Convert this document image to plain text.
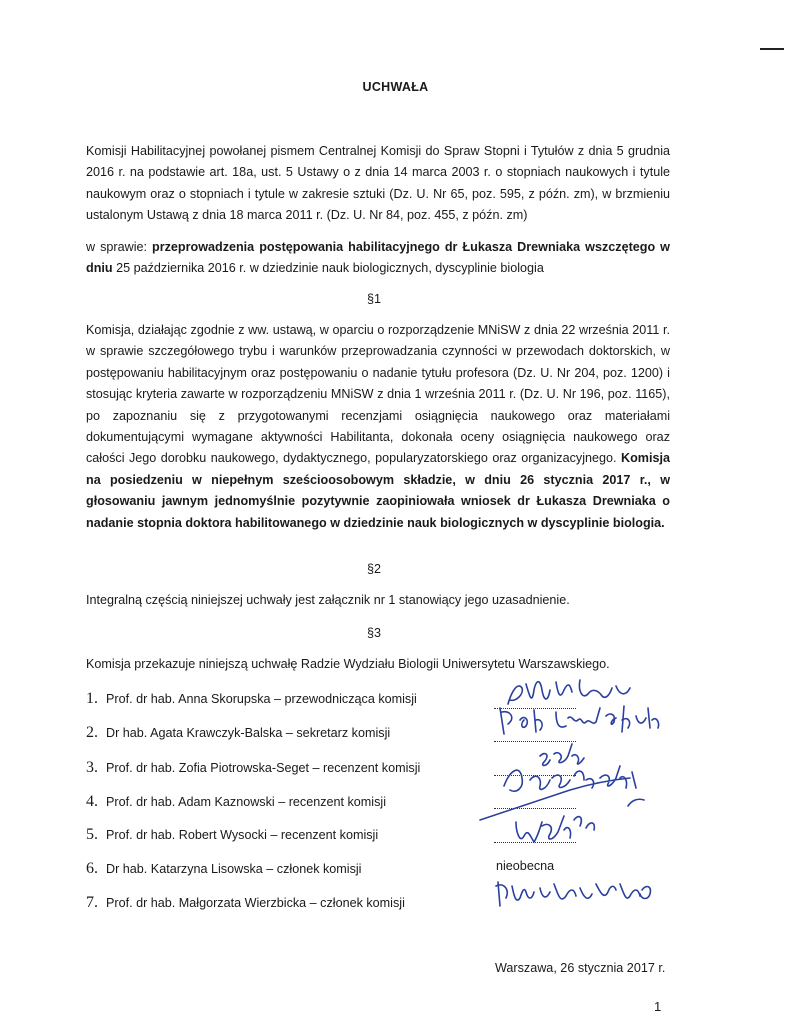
UCHWAŁA
Komisji Habilitacyjnej powołanej pismem Centralnej Komisji do Spraw Stopni i Tytułów z dnia 5 grudnia 2016 r. na podstawie art. 18a, ust. 5 Ustawy o z dnia 14 marca 2003 r. o stopniach naukowych i tytule naukowym oraz o stopniach i tytule w zakresie sztuki (Dz. U. Nr 65, poz. 595, z późn. zm), w brzmieniu ustalonym Ustawą z dnia 18 marca 2011 r. (Dz. U. Nr 84, poz. 455, z późn. zm)
w sprawie: przeprowadzenia postępowania habilitacyjnego dr Łukasza Drewniaka wszczętego w dniu 25 października 2016 r. w dziedzinie nauk biologicznych, dyscyplinie biologia
§1
Komisja, działając zgodnie z ww. ustawą, w oparciu o rozporządzenie MNiSW z dnia 22 września 2011 r. w sprawie szczegółowego trybu i warunków przeprowadzania czynności w przewodach doktorskich, w postępowaniu habilitacyjnym oraz postępowaniu o nadanie tytułu profesora (Dz. U. Nr 204, poz. 1200) i stosując kryteria zawarte w rozporządzeniu MNiSW z dnia 1 września 2011 r. (Dz. U. Nr 196, poz. 1165), po zapoznaniu się z przygotowanymi recenzjami osiągnięcia naukowego oraz materiałami dokumentującymi wymagane aktywności Habilitanta, dokonała oceny osiągnięcia naukowego oraz całości Jego dorobku naukowego, dydaktycznego, popularyzatorskiego oraz organizacyjnego. Komisja na posiedzeniu w niepełnym sześcioosobowym składzie, w dniu 26 stycznia 2017 r., w głosowaniu jawnym jednomyślnie pozytywnie zaopiniowała wniosek dr Łukasza Drewniaka o nadanie stopnia doktora habilitowanego w dziedzinie nauk biologicznych w dyscyplinie biologia.
§2
Integralną częścią niniejszej uchwały jest załącznik nr 1 stanowiący jego uzasadnienie.
§3
Komisja przekazuje niniejszą uchwałę Radzie Wydziału Biologii Uniwersytetu Warszawskiego.
1. Prof. dr hab. Anna Skorupska – przewodnicząca komisji
2. Dr hab. Agata Krawczyk-Balska – sekretarz komisji
3. Prof. dr hab. Zofia Piotrowska-Seget – recenzent komisji
4. Prof. dr hab. Adam Kaznowski – recenzent komisji
5. Prof. dr hab. Robert Wysocki – recenzent komisji
6. Dr hab. Katarzyna Lisowska – członek komisji
7. Prof. dr hab. Małgorzata Wierzbicka – członek komisji
nieobecna
Warszawa, 26 stycznia 2017 r.
1
